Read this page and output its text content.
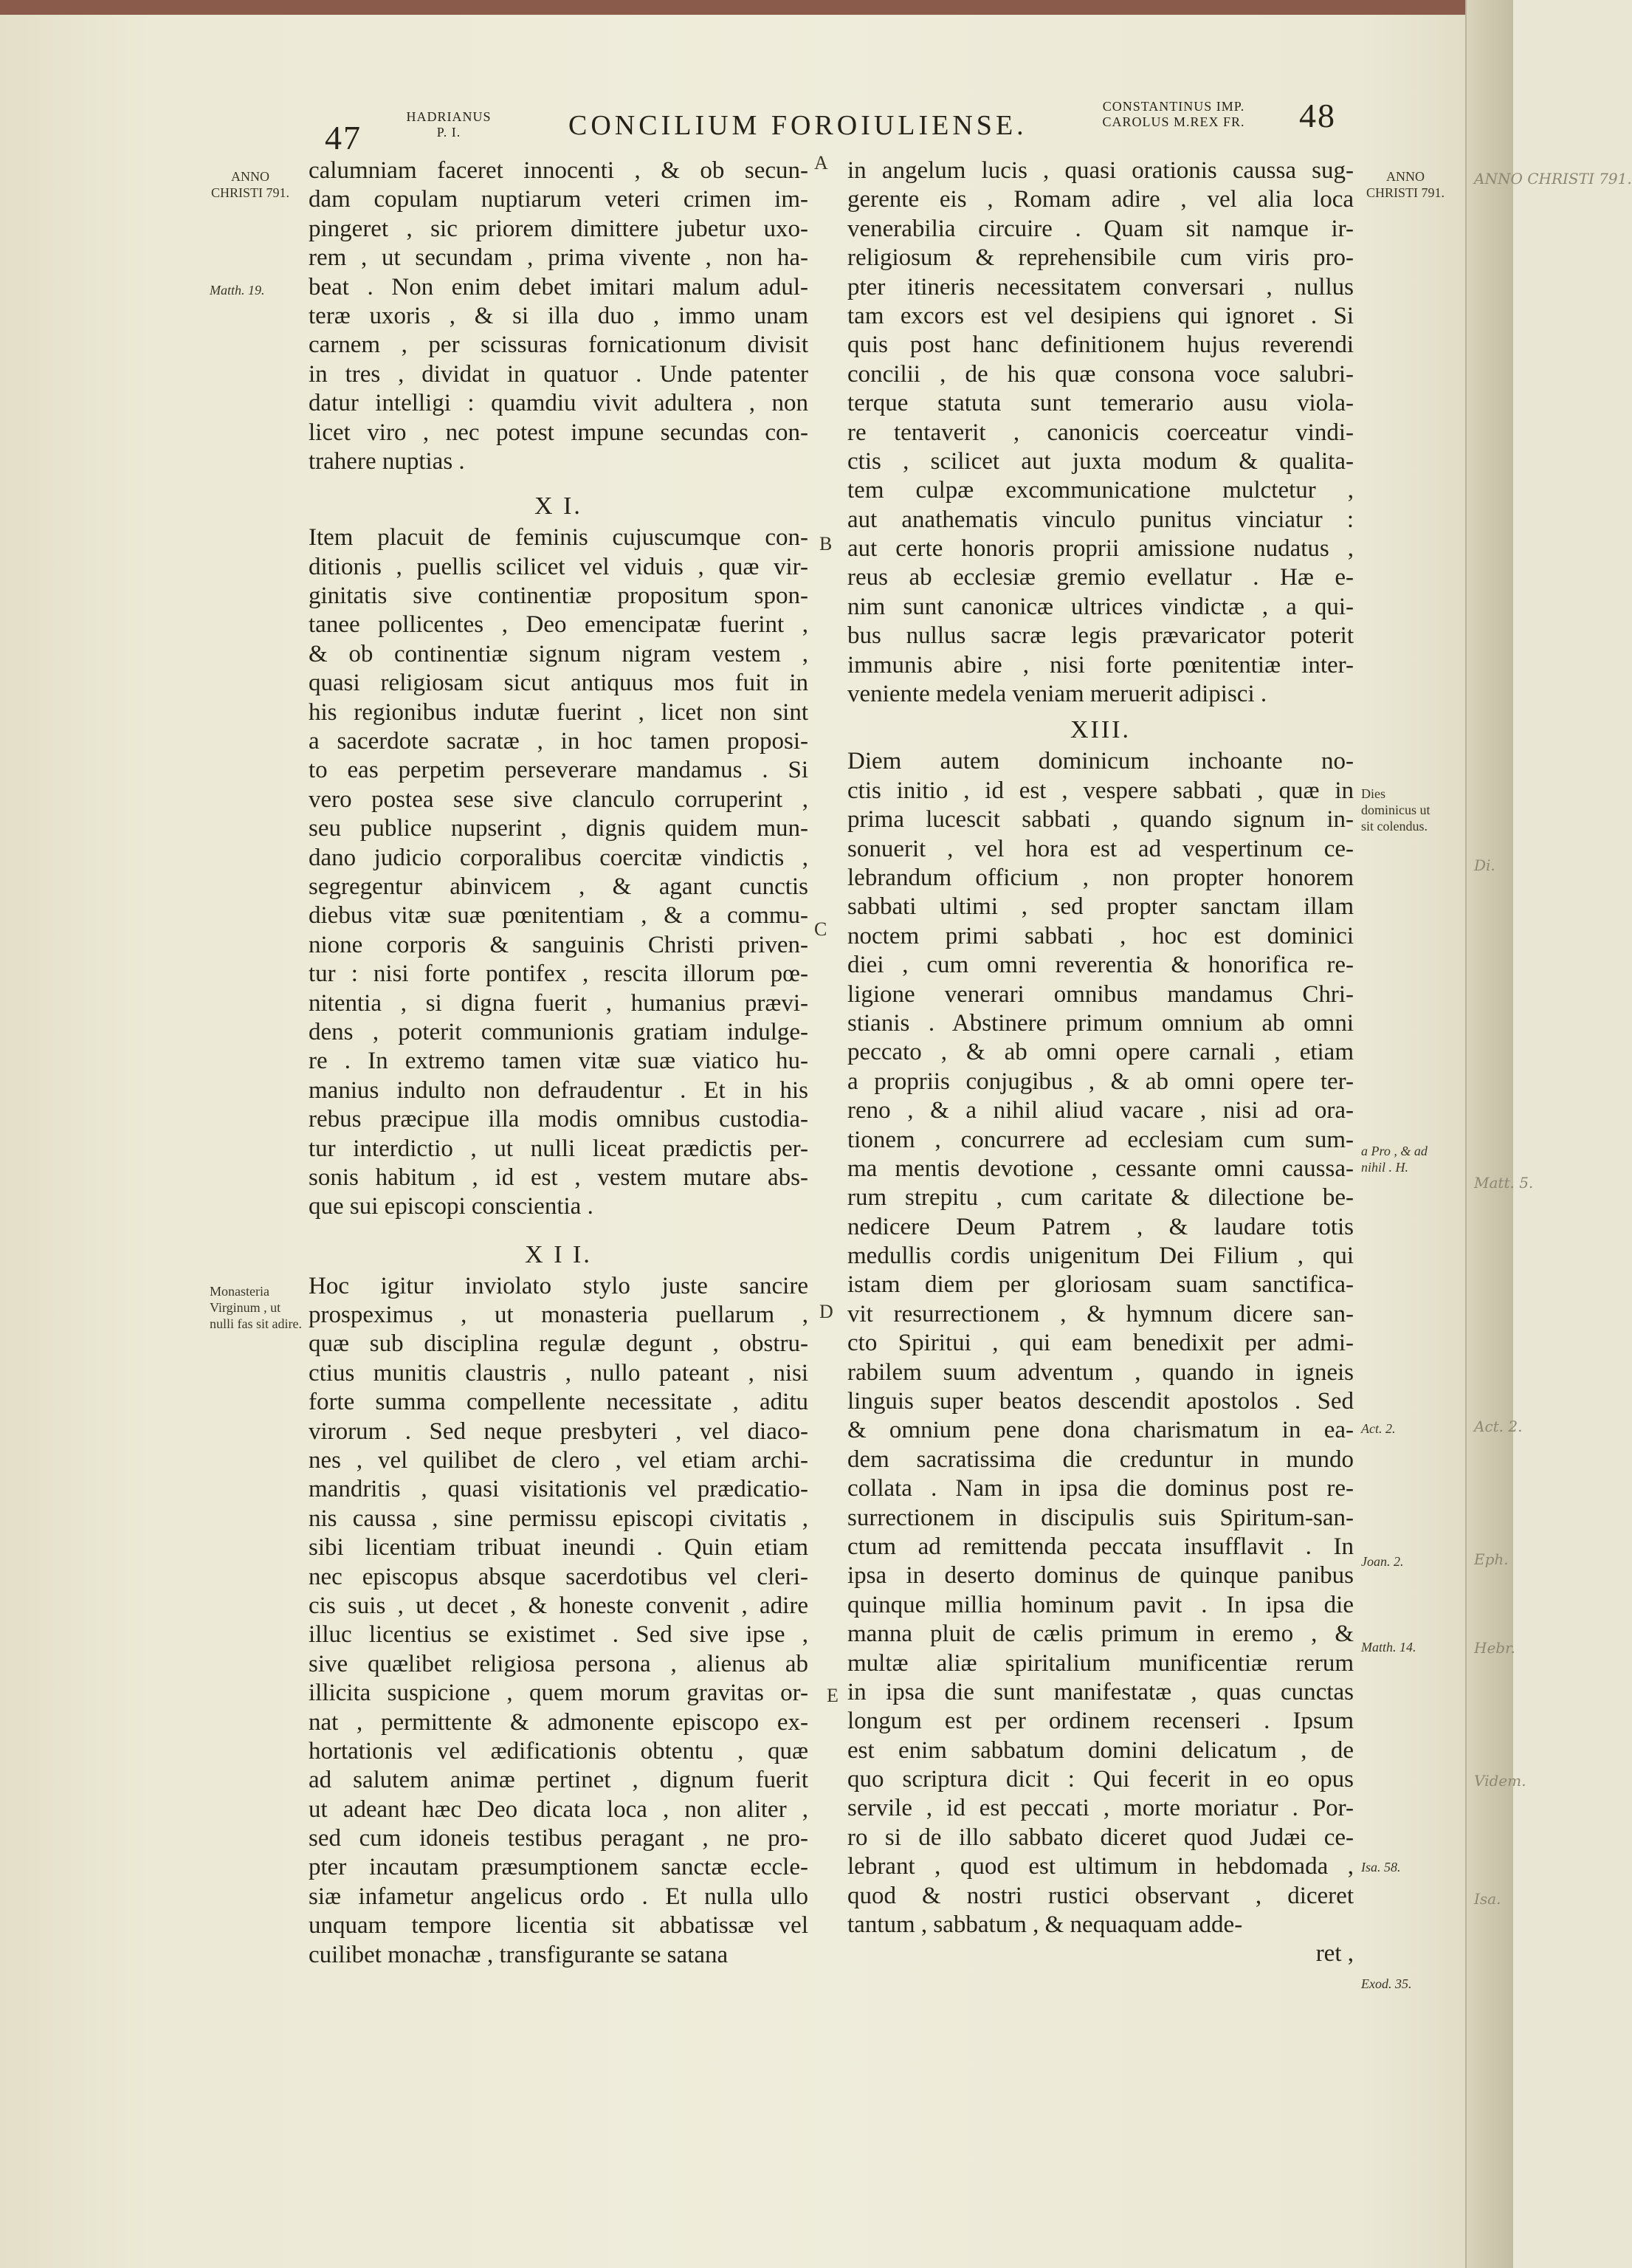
47
HADRIANUS
P. I.	CONCILIUM FOROIULIENSE.
CONSTANTINUS IMP.
CAROLUS M.REX FR.	48
ANNO CHRISTI 791.
Matth. 19.
Monasteria Virginum , ut nulli fas sit adire.
ANNO CHRISTI 791.
Dies dominicus ut sit colendus.
a Pro , & ad nihil . H.
Act. 2.
Joan. 2.
Matth. 14.
Isa. 58.
Exod. 35.
A
B
C
D
E
calumniam faceret innocenti , & ob secun-
dam copulam nuptiarum veteri crimen im-
pingeret , sic priorem dimittere jubetur uxo-
rem , ut secundam , prima vivente , non ha-
beat . Non enim debet imitari malum adul-
teræ uxoris , & si illa duo , immo unam
carnem , per scissuras fornicationum divisit
in tres , dividat in quatuor . Unde patenter
datur intelligi : quamdiu vivit adultera , non
licet viro , nec potest impune secundas con-
trahere nuptias .
X I.
Item placuit de feminis cujuscumque con-
ditionis , puellis scilicet vel viduis , quæ vir-
ginitatis sive continentiæ propositum spon-
tanee pollicentes , Deo emencipatæ fuerint ,
& ob continentiæ signum nigram vestem ,
quasi religiosam sicut antiquus mos fuit in
his regionibus indutæ fuerint , licet non sint
a sacerdote sacratæ , in hoc tamen proposi-
to eas perpetim perseverare mandamus . Si
vero postea sese sive clanculo corruperint ,
seu publice nupserint , dignis quidem mun-
dano judicio corporalibus coercitæ vindictis ,
segregentur abinvicem , & agant cunctis
diebus vitæ suæ pœnitentiam , & a commu-
nione corporis & sanguinis Christi priven-
tur : nisi forte pontifex , rescita illorum pœ-
nitentia , si digna fuerit , humanius prævi-
dens , poterit communionis gratiam indulge-
re . In extremo tamen vitæ suæ viatico hu-
manius indulto non defraudentur . Et in his
rebus præcipue illa modis omnibus custodia-
tur interdictio , ut nulli liceat prædictis per-
sonis habitum , id est , vestem mutare abs-
que sui episcopi conscientia .
X I I.
Hoc igitur inviolato stylo juste sancire
prospeximus , ut monasteria puellarum ,
quæ sub disciplina regulæ degunt , obstru-
ctius munitis claustris , nullo pateant , nisi
forte summa compellente necessitate , aditu
virorum . Sed neque presbyteri , vel diaco-
nes , vel quilibet de clero , vel etiam archi-
mandritis , quasi visitationis vel prædicatio-
nis caussa , sine permissu episcopi civitatis ,
sibi licentiam tribuat ineundi . Quin etiam
nec episcopus absque sacerdotibus vel cleri-
cis suis , ut decet , & honeste convenit , adire
illuc licentius se existimet . Sed sive ipse ,
sive quælibet religiosa persona , alienus ab
illicita suspicione , quem morum gravitas or-
nat , permittente & admonente episcopo ex-
hortationis vel ædificationis obtentu , quæ
ad salutem animæ pertinet , dignum fuerit
ut adeant hæc Deo dicata loca , non aliter ,
sed cum idoneis testibus peragant , ne pro-
pter incautam præsumptionem sanctæ eccle-
siæ infametur angelicus ordo . Et nulla ullo
unquam tempore licentia sit abbatissæ vel
cuilibet monachæ , transfigurante se satana
in angelum lucis , quasi orationis caussa sug-
gerente eis , Romam adire , vel alia loca
venerabilia circuire . Quam sit namque ir-
religiosum & reprehensibile cum viris pro-
pter itineris necessitatem conversari , nullus
tam excors est vel desipiens qui ignoret . Si
quis post hanc definitionem hujus reverendi
concilii , de his quæ consona voce salubri-
terque statuta sunt temerario ausu viola-
re tentaverit , canonicis coerceatur vindi-
ctis , scilicet aut juxta modum & qualita-
tem culpæ excommunicatione mulctetur ,
aut anathematis vinculo punitus vinciatur :
aut certe honoris proprii amissione nudatus ,
reus ab ecclesiæ gremio evellatur . Hæ e-
nim sunt canonicæ ultrices vindictæ , a qui-
bus nullus sacræ legis prævaricator poterit
immunis abire , nisi forte pœnitentiæ inter-
veniente medela veniam meruerit adipisci .
XIII.
Diem autem dominicum inchoante no-
ctis initio , id est , vespere sabbati , quæ in
prima lucescit sabbati , quando signum in-
sonuerit , vel hora est ad vespertinum ce-
lebrandum officium , non propter honorem
sabbati ultimi , sed propter sanctam illam
noctem primi sabbati , hoc est dominici
diei , cum omni reverentia & honorifica re-
ligione venerari omnibus mandamus Chri-
stianis . Abstinere primum omnium ab omni
peccato , & ab omni opere carnali , etiam
a propriis conjugibus , & ab omni opere ter-
reno , & a nihil aliud vacare , nisi ad ora-
tionem , concurrere ad ecclesiam cum sum-
ma mentis devotione , cessante omni caussa-
rum strepitu , cum caritate & dilectione be-
nedicere Deum Patrem , & laudare totis
medullis cordis unigenitum Dei Filium , qui
istam diem per gloriosam suam sanctifica-
vit resurrectionem , & hymnum dicere san-
cto Spiritui , qui eam benedixit per admi-
rabilem suum adventum , quando in igneis
linguis super beatos descendit apostolos . Sed
& omnium pene dona charismatum in ea-
dem sacratissima die creduntur in mundo
collata . Nam in ipsa die dominus post re-
surrectionem in discipulis suis Spiritum-san-
ctum ad remittenda peccata insufflavit . In
ipsa in deserto dominus de quinque panibus
quinque millia hominum pavit . In ipsa die
manna pluit de cælis primum in eremo , &
multæ aliæ spiritalium munificentiæ rerum
in ipsa die sunt manifestatæ , quas cunctas
longum est per ordinem recenseri . Ipsum
est enim sabbatum domini delicatum , de
quo scriptura dicit : Qui fecerit in eo opus
servile , id est peccati , morte moriatur . Por-
ro si de illo sabbato diceret quod Judæi ce-
lebrant , quod est ultimum in hebdomada ,
quod & nostri rustici observant , diceret
tantum , sabbatum , & nequaquam adde-
ret ,
ANNO CHRISTI 791.
Di.
Matt. 5.
Act. 2.
Eph.
Hebr.
Videm.
Isa.
